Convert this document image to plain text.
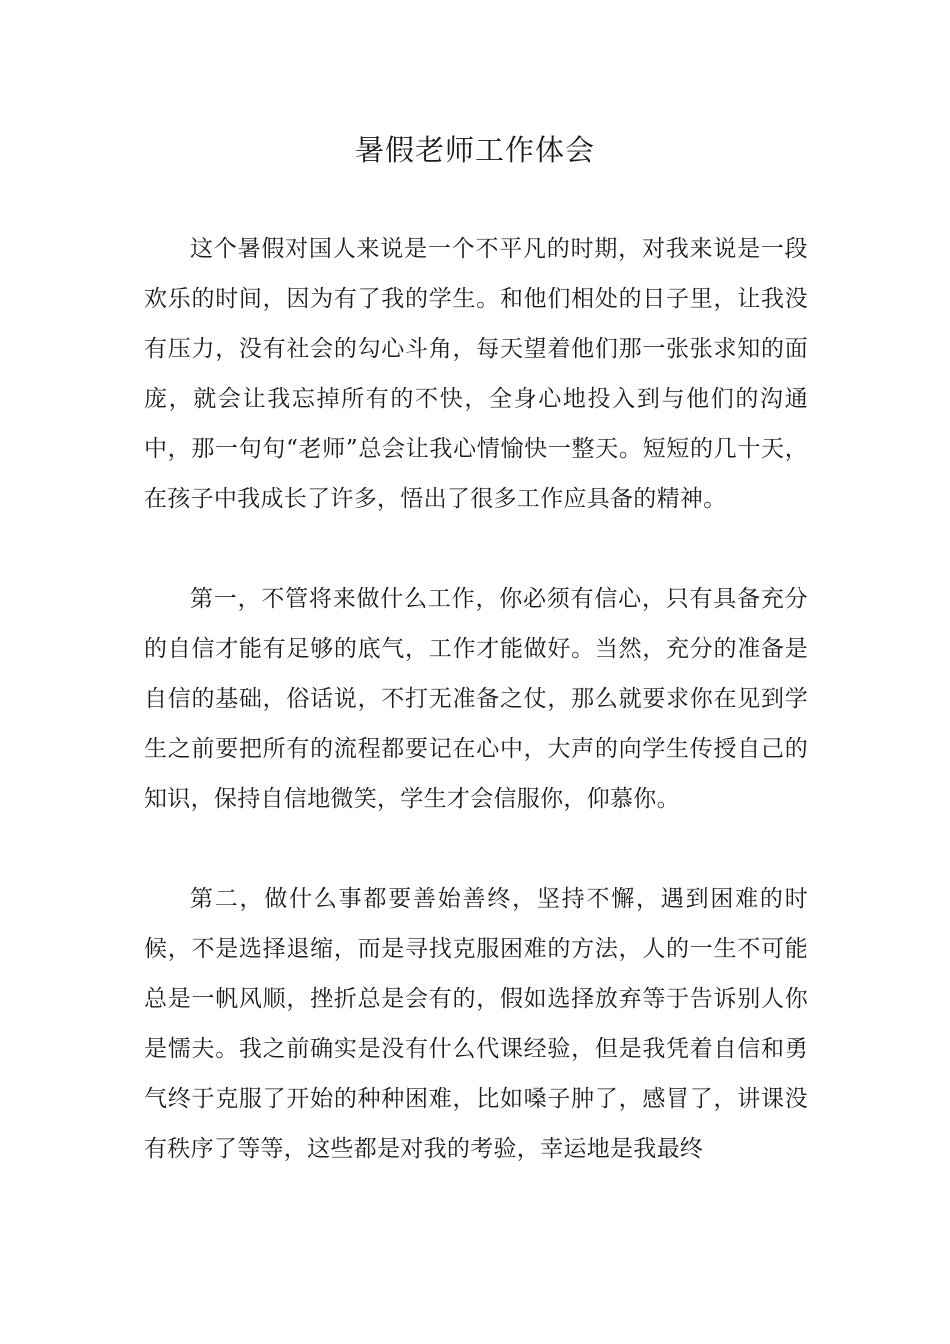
暑假老师工作体会

这个暑假对国人来说是一个不平凡的时期，对我来说是一段欢乐的时间，因为有了我的学生。和他们相处的日子里，让我没有压力，没有社会的勾心斗角，每天望着他们那一张张求知的面庞，就会让我忘掉所有的不快，全身心地投入到与他们的沟通中，那一句句“老师”总会让我心情愉快一整天。短短的几十天，在孩子中我成长了许多，悟出了很多工作应具备的精神。

第一，不管将来做什么工作，你必须有信心，只有具备充分的自信才能有足够的底气，工作才能做好。当然，充分的准备是自信的基础，俗话说，不打无准备之仗，那么就要求你在见到学生之前要把所有的流程都要记在心中，大声的向学生传授自己的知识，保持自信地微笑，学生才会信服你，仰慕你。

第二，做什么事都要善始善终，坚持不懈，遇到困难的时候，不是选择退缩，而是寻找克服困难的方法，人的一生不可能总是一帆风顺，挫折总是会有的，假如选择放弃等于告诉别人你是懦夫。我之前确实是没有什么代课经验，但是我凭着自信和勇气终于克服了开始的种种困难，比如嗓子肿了，感冒了，讲课没有秩序了等等，这些都是对我的考验，幸运地是我最终
